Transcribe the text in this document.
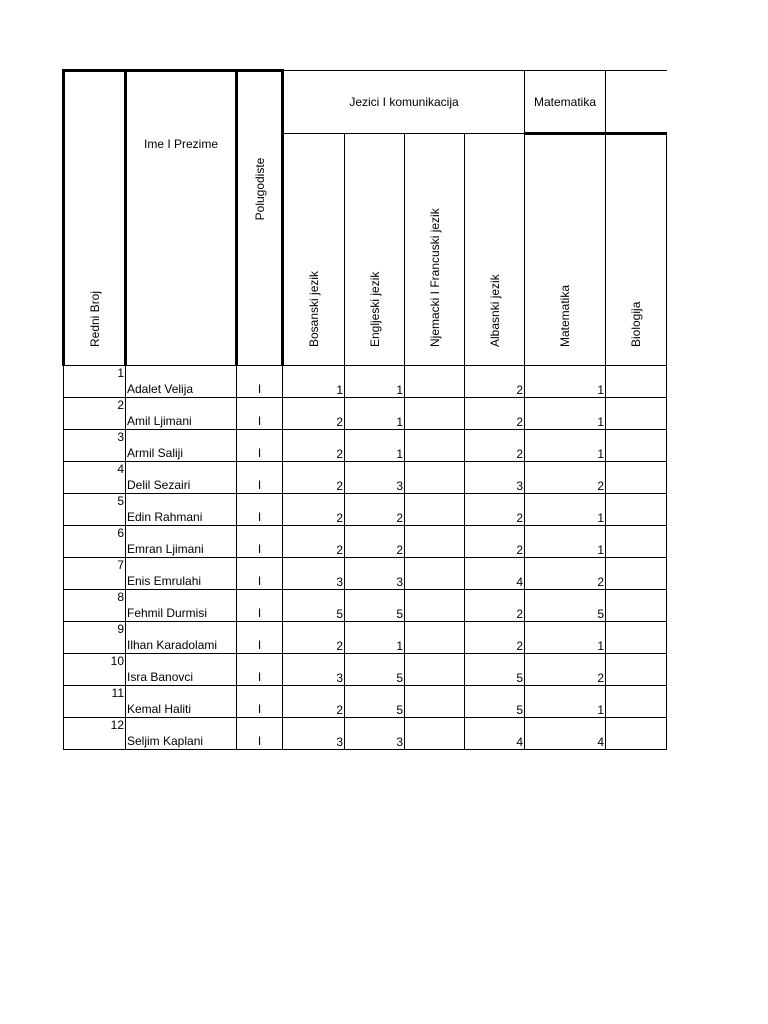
Redni Broj	Ime I Prezime	Polugodiste	Jezici I komunikacija				Matematika	

			Bosanski jezik	Engljeski jezik	Njemacki I Francuski jezik	Albasnki jezik	Matematika	Biologija

1	Adalet Velija	I	1	1		2	1	
2	Amil Ljimani	I	2	1		2	1	
3	Armil Saliji	I	2	1		2	1	
4	Delil Sezairi	I	2	3		3	2	
5	Edin Rahmani	I	2	2		2	1	
6	Emran Ljimani	I	2	2		2	1	
7	Enis Emrulahi	I	3	3		4	2	
8	Fehmil Durmisi	I	5	5		2	5	
9	Ilhan Karadolami	I	2	1		2	1	
10	Isra Banovci	I	3	5		5	2	
11	Kemal Haliti	I	2	5		5	1	
12	Seljim Kaplani	I	3	3		4	4	
